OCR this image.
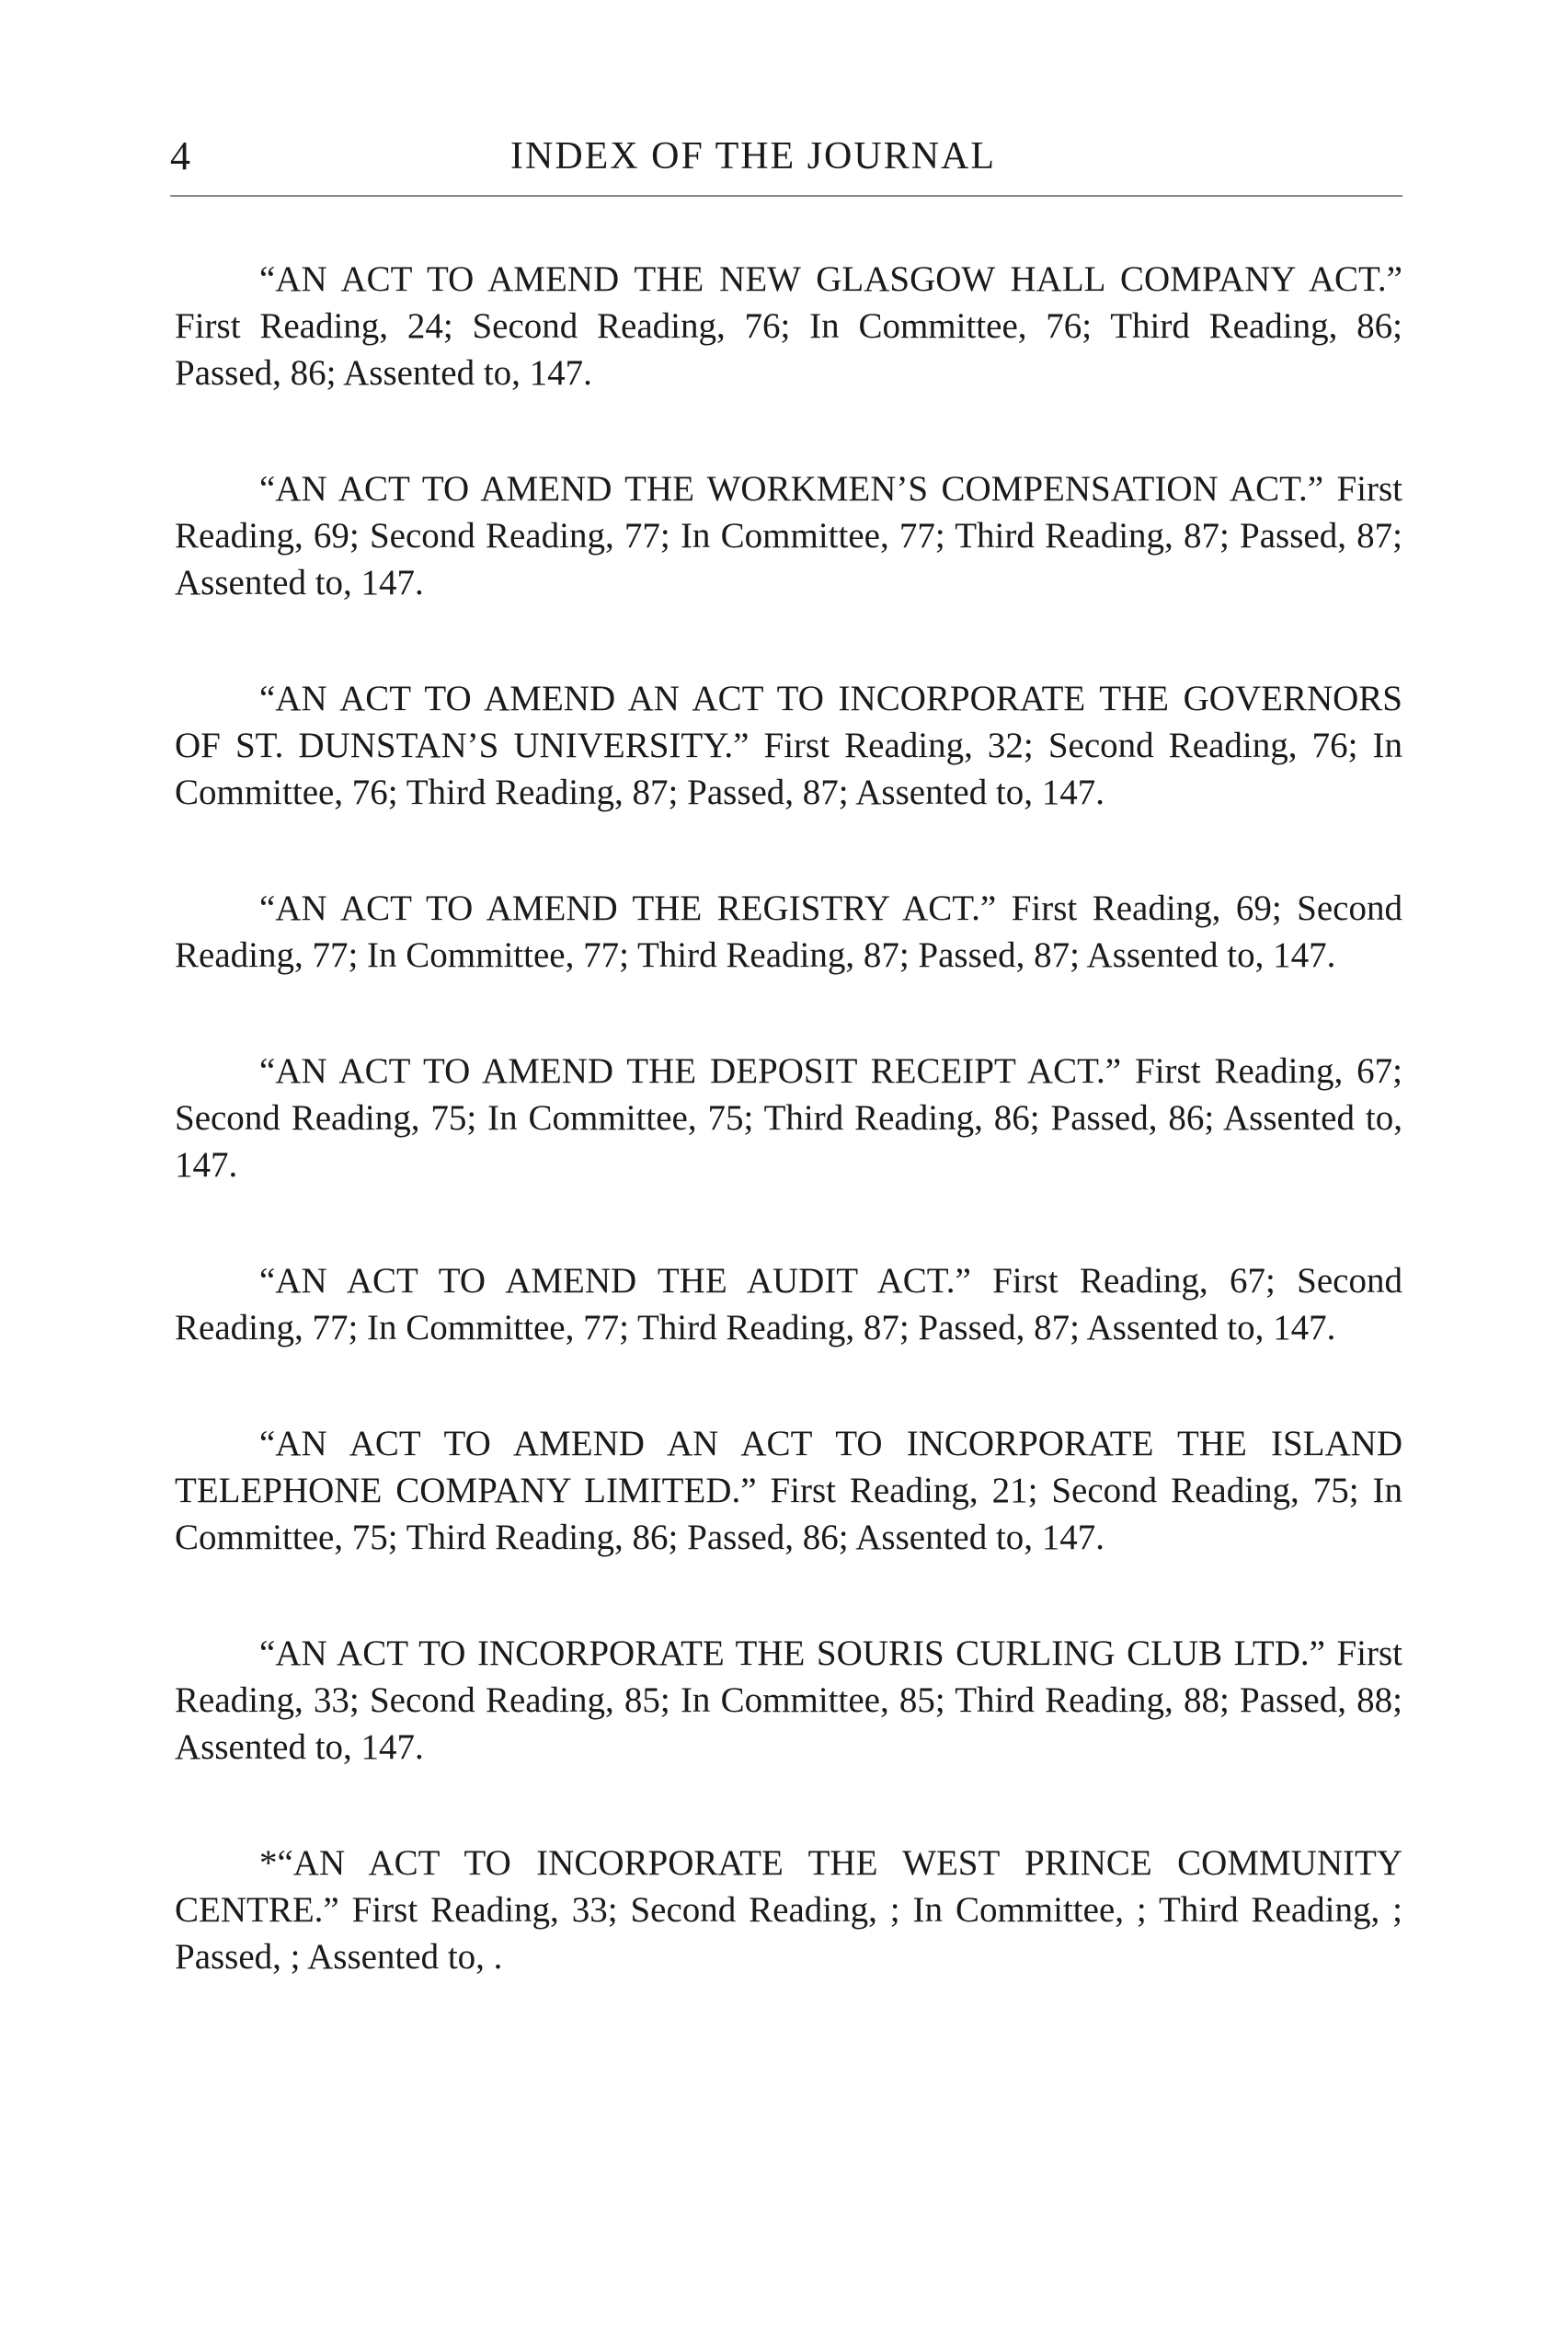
4	INDEX OF THE JOURNAL

“AN ACT TO AMEND THE NEW GLASGOW HALL COMPANY ACT.” First Reading, 24; Second Reading, 76; In Committee, 76; Third Reading, 86; Passed, 86; Assented to, 147.

“AN ACT TO AMEND THE WORKMEN’S COMPENSATION ACT.” First Reading, 69; Second Reading, 77; In Committee, 77; Third Reading, 87; Passed, 87; Assented to, 147.

“AN ACT TO AMEND AN ACT TO INCORPORATE THE GOVERNORS OF ST. DUNSTAN’S UNIVERSITY.” First Reading, 32; Second Reading, 76; In Committee, 76; Third Reading, 87; Passed, 87; Assented to, 147.

“AN ACT TO AMEND THE REGISTRY ACT.” First Reading, 69; Second Reading, 77; In Committee, 77; Third Reading, 87; Passed, 87; Assented to, 147.

“AN ACT TO AMEND THE DEPOSIT RECEIPT ACT.” First Reading, 67; Second Reading, 75; In Committee, 75; Third Reading, 86; Passed, 86; Assented to, 147.

“AN ACT TO AMEND THE AUDIT ACT.” First Reading, 67; Second Reading, 77; In Committee, 77; Third Reading, 87; Passed, 87; Assented to, 147.

“AN ACT TO AMEND AN ACT TO INCORPORATE THE ISLAND TELEPHONE COMPANY LIMITED.” First Reading, 21; Second Reading, 75; In Committee, 75; Third Reading, 86; Passed, 86; Assented to, 147.

“AN ACT TO INCORPORATE THE SOURIS CURLING CLUB LTD.” First Reading, 33; Second Reading, 85; In Committee, 85; Third Reading, 88; Passed, 88; Assented to, 147.

*“AN ACT TO INCORPORATE THE WEST PRINCE COMMUNITY CENTRE.” First Reading, 33; Second Reading, ; In Committee, ; Third Reading, ; Passed, ; Assented to, .
